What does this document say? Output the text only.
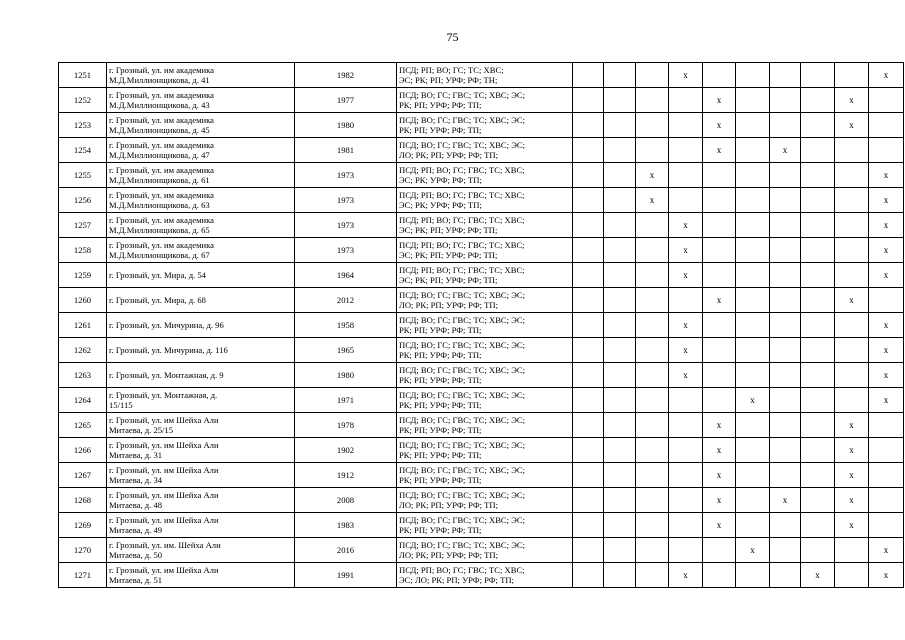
75
1251	г. Грозный, ул. им академика
М.Д.Миллионщикова, д. 41	1982	ПСД; РП; ВО; ГС; ТС; ХВС;
ЭС; РК; РП; УРФ; РФ; ТН;				x						x
1252	г. Грозный, ул. им академика
М.Д.Миллионщикова, д. 43	1977	ПСД; ВО; ГС; ГВС; ТС; ХВС; ЭС;
РК; РП; УРФ; РФ; ТП;					x				x	
1253	г. Грозный, ул. им академика
М.Д.Миллионщикова, д. 45	1980	ПСД; ВО; ГС; ГВС; ТС; ХВС; ЭС;
РК; РП; УРФ; РФ; ТП;					x				x	
1254	г. Грозный, ул. им академика
М.Д.Миллионщикова, д. 47	1981	ПСД; ВО; ГС; ГВС; ТС; ХВС; ЭС;
ЛО; РК; РП; УРФ; РФ; ТП;					x		x			
1255	г. Грозный, ул. им академика
М.Д.Миллионщикова, д. 61	1973	ПСД; РП; ВО; ГС; ГВС; ТС; ХВС;
ЭС; РК; УРФ; РФ; ТП;			x							x
1256	г. Грозный, ул. им академика
М.Д.Миллионщикова, д. 63	1973	ПСД; РП; ВО; ГС; ГВС; ТС; ХВС;
ЭС; РК; УРФ; РФ; ТП;			x							x
1257	г. Грозный, ул. им академика
М.Д.Миллионщикова, д. 65	1973	ПСД; РП; ВО; ГС; ГВС; ТС; ХВС;
ЭС; РК; РП; УРФ; РФ; ТП;				x						x
1258	г. Грозный, ул. им академика
М.Д.Миллионщикова, д. 67	1973	ПСД; РП; ВО; ГС; ГВС; ТС; ХВС;
ЭС; РК; РП; УРФ; РФ; ТП;				x						x
1259	г. Грозный, ул. Мира, д. 54	1964	ПСД; РП; ВО; ГС; ГВС; ТС; ХВС;
ЭС; РК; РП; УРФ; РФ; ТП;				x						x
1260	г. Грозный, ул. Мира, д. 68	2012	ПСД; ВО; ГС; ГВС; ТС; ХВС; ЭС;
ЛО; РК; РП; УРФ; РФ; ТП;					x				x	
1261	г. Грозный, ул. Мичурина, д. 96	1958	ПСД; ВО; ГС; ГВС; ТС; ХВС; ЭС;
РК; РП; УРФ; РФ; ТП;				x						x
1262	г. Грозный, ул. Мичурина, д. 116	1965	ПСД; ВО; ГС; ГВС; ТС; ХВС; ЭС;
РК; РП; УРФ; РФ; ТП;				x						x
1263	г. Грозный, ул. Монтажная, д. 9	1980	ПСД; ВО; ГС; ГВС; ТС; ХВС; ЭС;
РК; РП; УРФ; РФ; ТП;				x						x
1264	г. Грозный, ул. Монтажная, д.
15/115	1971	ПСД; ВО; ГС; ГВС; ТС; ХВС; ЭС;
РК; РП; УРФ; РФ; ТП;						x				x
1265	г. Грозный, ул. им Шейха Али
Митаева, д. 25/15	1978	ПСД; ВО; ГС; ГВС; ТС; ХВС; ЭС;
РК; РП; УРФ; РФ; ТП;					x				x	
1266	г. Грозный, ул. им Шейха Али
Митаева, д. 31	1902	ПСД; ВО; ГС; ГВС; ТС; ХВС; ЭС;
РК; РП; УРФ; РФ; ТП;					x				x	
1267	г. Грозный, ул. им Шейха Али
Митаева, д. 34	1912	ПСД; ВО; ГС; ГВС; ТС; ХВС; ЭС;
РК; РП; УРФ; РФ; ТП;					x				x	
1268	г. Грозный, ул. им Шейха Али
Митаева, д. 48	2008	ПСД; ВО; ГС; ГВС; ТС; ХВС; ЭС;
ЛО; РК; РП; УРФ; РФ; ТП;					x		x		x	
1269	г. Грозный, ул. им Шейха Али
Митаева, д. 49	1983	ПСД; ВО; ГС; ГВС; ТС; ХВС; ЭС;
РК; РП; УРФ; РФ; ТП;					x				x	
1270	г. Грозный, ул. им. Шейха Али
Митаева, д. 50	2016	ПСД; ВО; ГС; ГВС; ТС; ХВС; ЭС;
ЛО; РК; РП; УРФ; РФ; ТП;						x				x
1271	г. Грозный, ул. им Шейха Али
Митаева, д. 51	1991	ПСД; РП; ВО; ГС; ГВС; ТС; ХВС;
ЭС; ЛО; РК; РП; УРФ; РФ; ТП;				x				x		x
